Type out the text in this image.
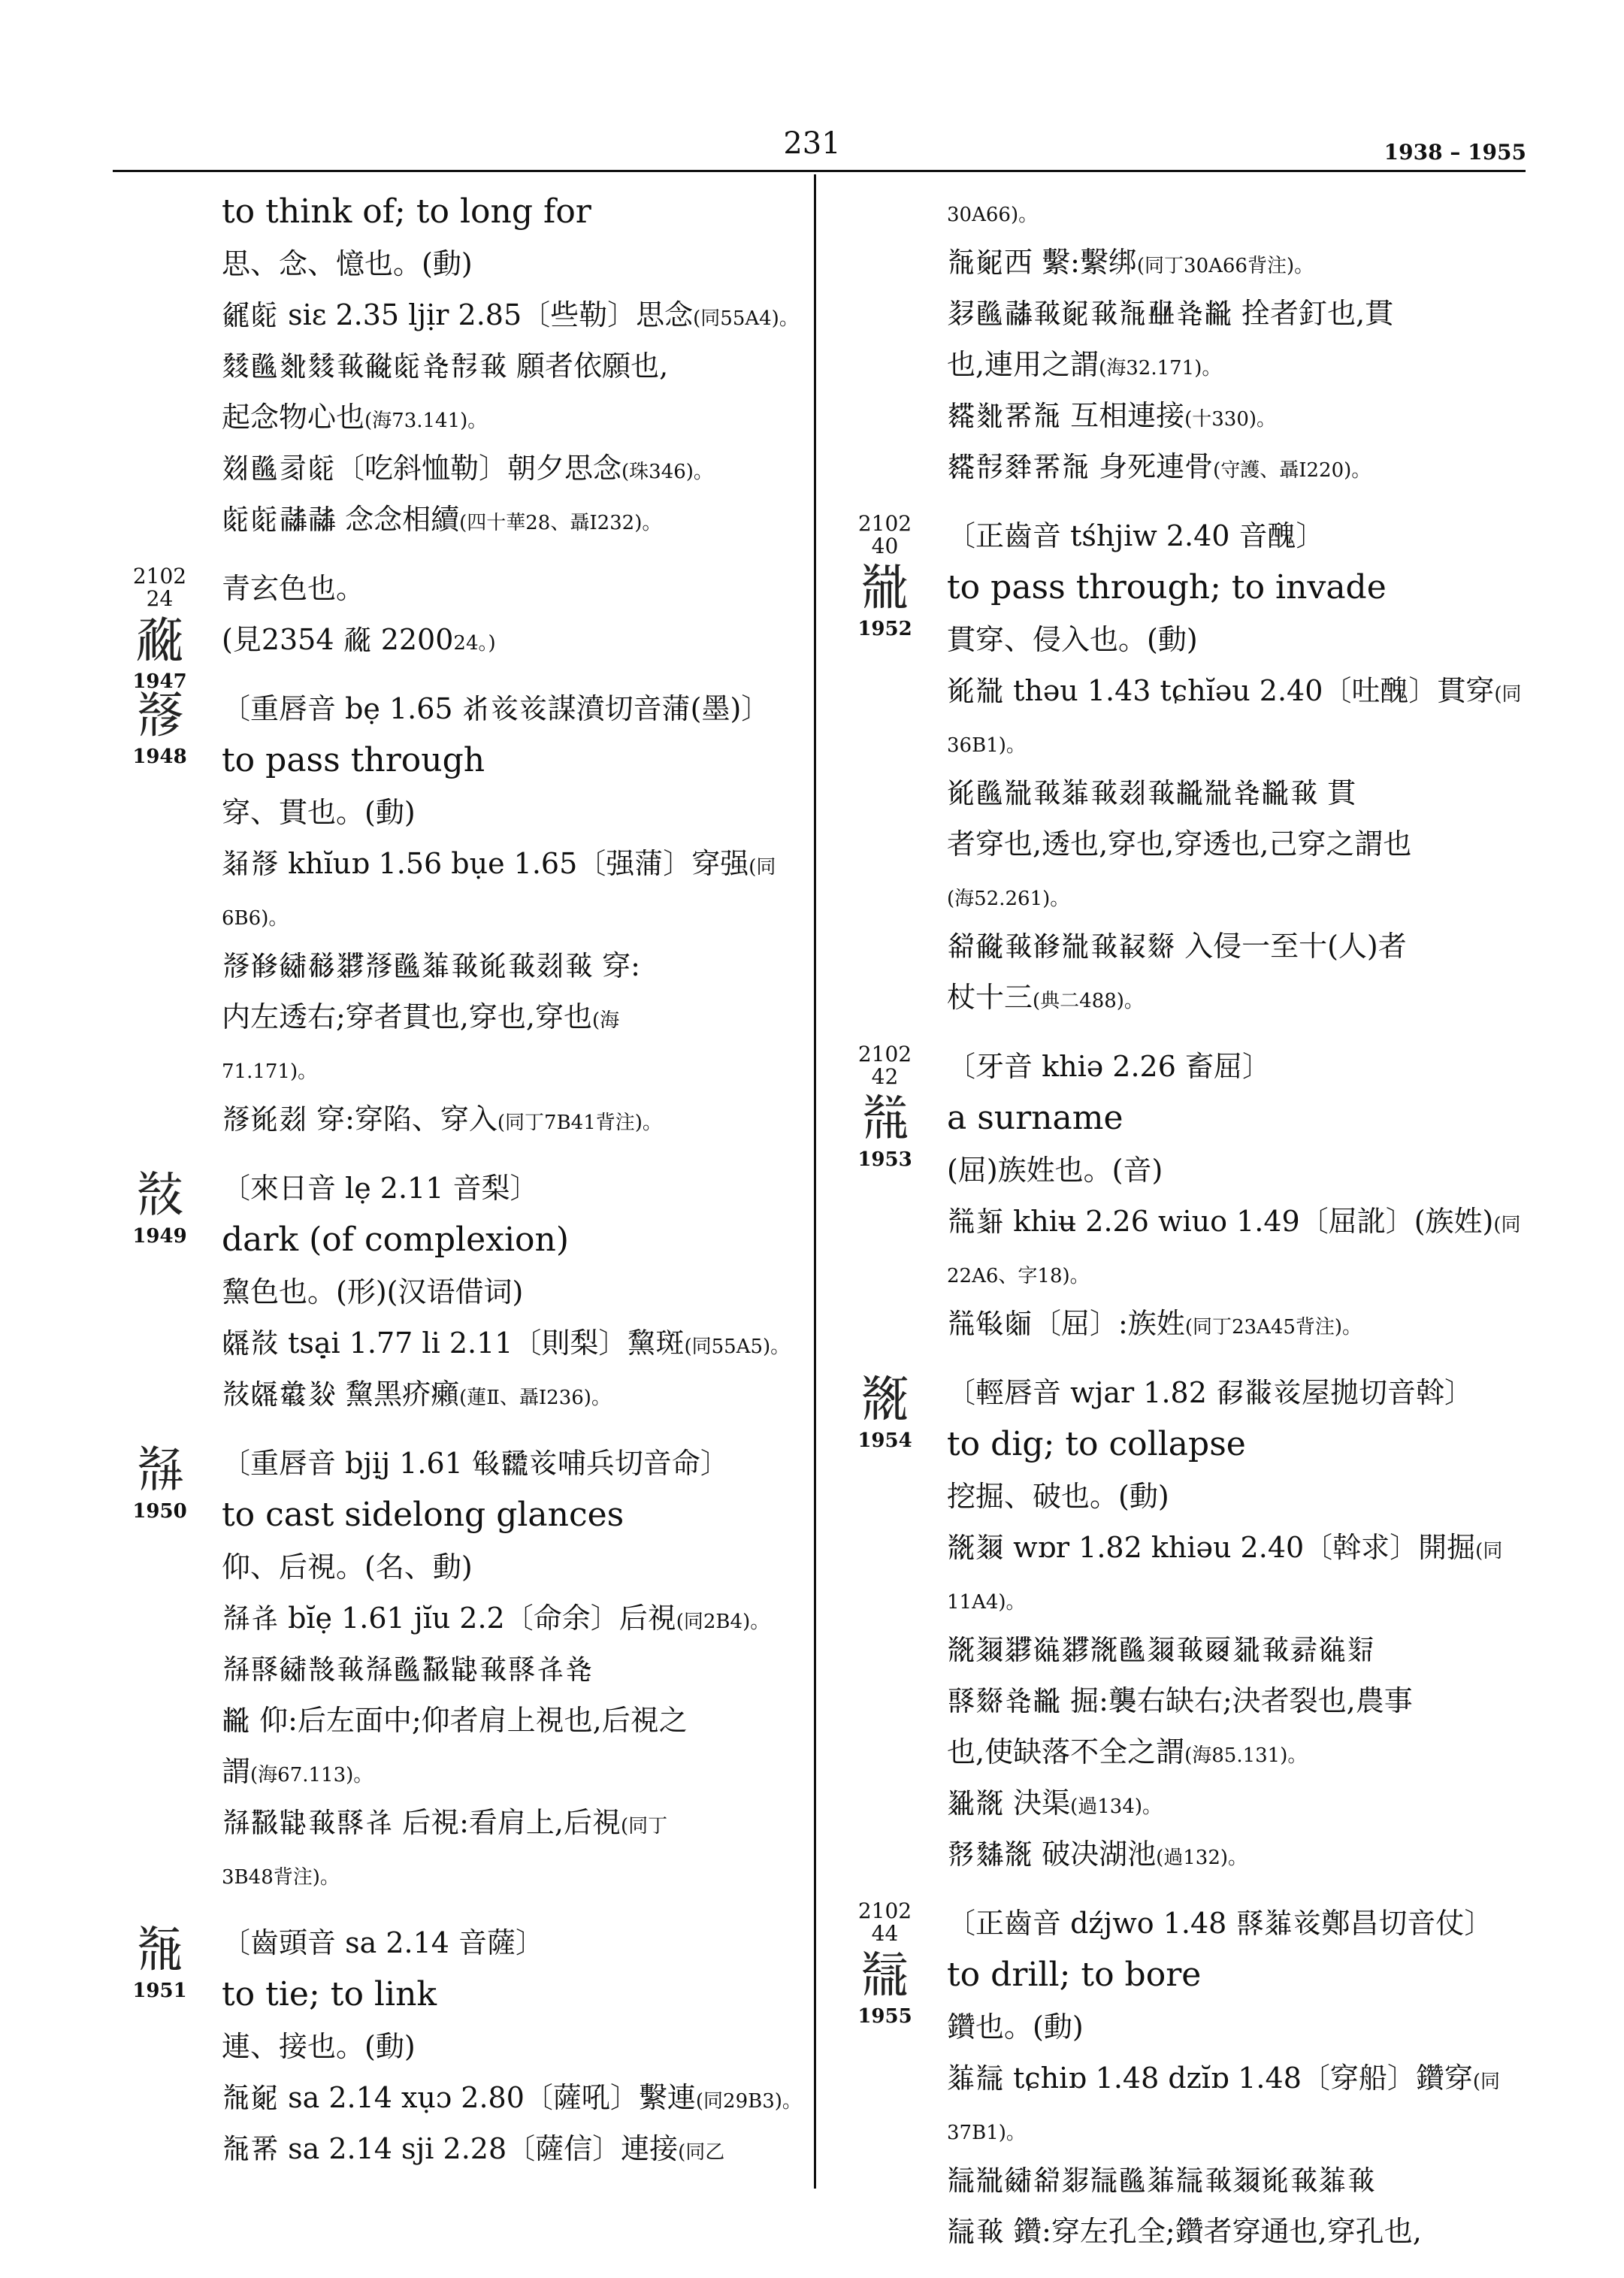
231	1938 – 1955
to think of; to long for
思、念、憶也。(動)
𘊍𘕂 siɛ 2.35 ljịr 2.85〔些勒〕思念(同55A4)。
𘙌𘘏𘝯𘙌𘆄𘇋𘕂𘑗𘘚𘆄 願者依願也,
起念物心也(海73.141)。
𘋨𘘏𘛽𘕂〔吃斜恤勒〕朝夕思念(珠346)。
𘕂𘕂𘗨𘗨 念念相續(四十華28、聶Ⅰ232)。
2102
24
𗳇
1947
青玄色也。
(見2354 𗳇 220024。)
𘃡
1948
〔重唇音 bẹ 1.65 𘂆𘝞𘝞謀濆切音蒲(墨)〕
to pass through
穿、貫也。(動)
𘏜𘃡 khĭuɒ 1.56 bụe 1.65〔强蒲〕穿强(同
6B6)。
𘃡𘕫𘊊𘇳𘐸𘃡𘘏𘐆𘆄𘍞𘆄𘑞𘆄 穿:
内左透右;穿者貫也,穿也,穿也(海
71.171)。
𘃡𘍞𘑞 穿:穿陷、穿入(同丁7B41背注)。
𘃢
1949
〔來日音 lẹ 2.11 音梨〕
dark (of complexion)
黧色也。(形)(汉语借词)
𘊺𘃢 tsạ̣i 1.77 li 2.11〔則梨〕黧斑(同55A5)。
𘃢𘊺𘗀𘏒 黧黑疥癩(蓮Ⅱ、聶Ⅰ236)。
𘃣
1950
〔重唇音 bjịj 1.61 𘓐𘔉𘝞哺兵切音命〕
to cast sidelong glances
仰、后視。(名、動)
𘃣𘗐 bĭẹ 1.61 jĭu 2.2〔命余〕后視(同2B4)。
𘃣𘚕𘊊𘕕𘆄𘃣𘘏𘜷𘚲𘆄𘚕𘗐𘑗
𘋢 仰:后左面中;仰者肩上視也,后視之
謂(海67.113)。
𘃣𘜷𘚲𘆄𘚕𘗐 后視:看肩上,后視(同丁
3B48背注)。
𘃤
1951
〔齒頭音 sa 2.14 音薩〕
to tie; to link
連、接也。(動)
𘃤𘛣 sa 2.14 xụɔ 2.80〔薩吼〕繫連(同29B3)。
𘃤𘞐 sa 2.14 sji 2.28〔薩信〕連接(同乙
30A66)。
𘃤𘛣西 繫:繫绑(同丁30A66背注)。
𘎪𘘏𘗨𘆄𘛣𘆄𘃤𘆍𘑗𘋢 拴者釘也,貫
也,連用之謂(海32.171)。
𘋎𘝯𘞐𘃤 互相連接(十330)。
𘋎𘘚𘔘𘞐𘃤 身死連骨(守護、聶Ⅰ220)。
2102
40
𘃥
1952
〔正齒音 tśhjiw 2.40 音醜〕
to pass through; to invade
貫穿、侵入也。(動)
𘍞𘃥 thəu 1.43 tɕhĭəu 2.40〔吐醜〕貫穿(同
36B1)。
𘍞𘘏𘃥𘆄𘐆𘆄𘑞𘆄𘋢𘃥𘑗𘋢𘆄 貫
者穿也,透也,穿也,穿透也,己穿之謂也
(海52.261)。
𘊚𘇋𘆄𘕫𘃥𘆄𘗠𘙚 入侵一至十(人)者
杖十三(典二488)。
2102
42
𘃦
1953
〔牙音 khiə 2.26 畜屈〕
a surname
(屈)族姓也。(音)
𘃦𘛇 khiʉ 2.26 wiuo 1.49〔屈訛〕(族姓)(同
22A6、字18)。
𘃦𘓐𘕃〔屈〕:族姓(同丁23A45背注)。
𘃧
1954
〔輕唇音 wjar 1.82 𘒣𘗚𘝞屋拋切音斡〕
to dig; to collapse
挖掘、破也。(動)
𘃧𘐁 wɒr 1.82 khiəu 2.40〔斡求〕開掘(同
11A4)。
𘃧𘐁𘐸𘌽𘐸𘃧𘘏𘐁𘆄𘟗𘏸𘆄𘝵𘌽𘛞
𘚕𘙚𘑗𘋢 掘:襲右缺右;決者裂也,農事
也,使缺落不全之謂(海85.131)。
𘐑𘃧 決渠(過134)。
𘜑𘙈𘃧 破决湖池(過132)。
2102
44
𘃨
1955
〔正齒音 dźjwo 1.48 𘚕𘐆𘝞鄭昌切音仗〕
to drill; to bore
鑽也。(動)
𘐆𘃨 tɕhiɒ 1.48 dzĭɒ 1.48〔穿船〕鑽穿(同
37B1)。
𘃨𘃥𘊊𘊚𘎲𘃨𘘏𘐆𘃨𘆄𘐁𘍞𘆄𘐆𘆄
𘃨𘆄 鑽:穿左孔全;鑽者穿通也,穿孔也,
